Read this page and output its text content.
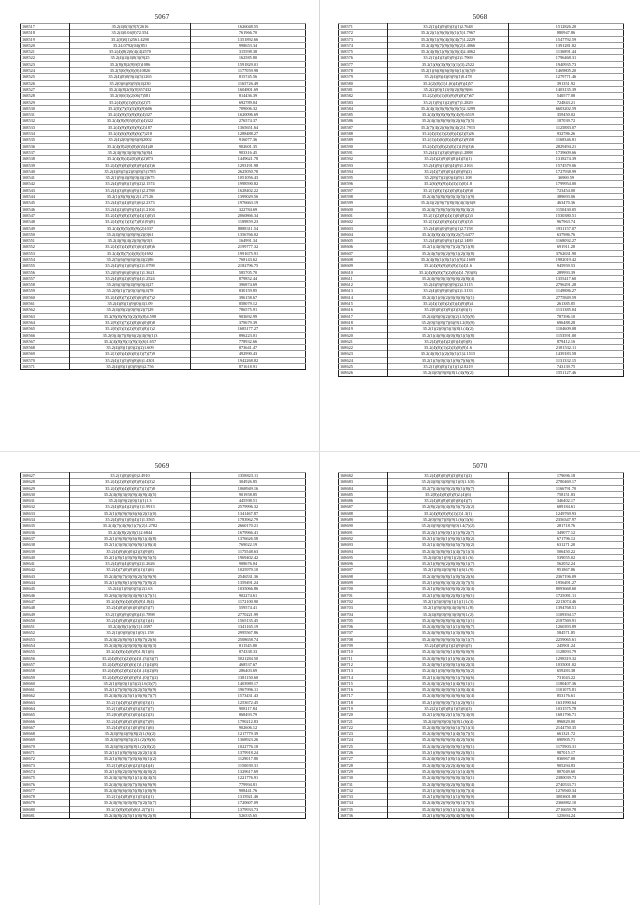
5067
168517	35.2(4)0(3)(9)7(2616	1626048.55
168518	35.2(4)0.04(0)72.554	761966.70
168519	35.2(0)8(1)2561.4290	1351892.66
168520	35.24.0792(04)(851	998653.34
168521	35.2(4)(8(2)0(4)(4)2570	315598.38
168522	35.2(4)(4)(4)0(3)(9)25	162585.80
168523	35.2(8)(8)2(9)9(5)1086	1591829.01
168524	35.2(5)0(9)(0)(0)10826	1177059.98
168525	35.2(4)(8)0(9)(4)(5)1265	815745.56
168526	35.2(0)(6)(8)(9)5(4)230	1165726.49
168527	35.2(4)(8)2(0)(0)357432	1604801.69
168528	35.2(0)0(3)(2)06(7)581	814436.39
168529	35.2(4)(0)(1)(0)(3)(2)71	692789.04
168530	35.2(0)(7)(5)(5)(8)(9)606	709006.32
168531	35.2(4)(9)(5)(9)(8)(4)327	1620096.69
168532	35.2(4)(8)(9)5(0)(5)(4)322	276574.37
168533	35.2(4)(9)(8)(0)(9)(2)187	1365651.64
168534	35.2(4)(6)(9)(8)(6)(7)218	1288488.27
168535	35.2(4)2(0)(9)(6)(8)2002	916077.36
168536	35.2(4)(8)2(0)(8)(6)5(4)40	902601.35
168537	35.2(4)(9)(3)(0)(9)(5)(8)4	903316.45
168538	35.2(4)(8)(4)2(0)(8)(2)873	1449621.78
168539	35.2(4)(9)(8)(0)(8)(9)(4)(3)6	1293191.98
168540	35.2(4)(8)(5)(2)(0)(8)(5)1785	2625050.78
168541	35.2(1)(9)(4)(8)(0)(4)(2)675	1051056.43
168542	35.2(4)(9)(8)(1)(9)(2)2.1574	1998590.82
168543	35.2(4)(3)(8)(6)(9)(1)2.2788	1628402.22
168544	35.2(1)(8)(9)(6)(2)1.27126	1399029.56
168545	35.2(4)(5)(4)(8)(5)(6)2.2373	1976663.19
168546	35.2(4)(2)(0)(9)(3)(4)1.2104	322784.69
168547	35.2(4)(9)(8)(3)(9)(4)(1)(0)3	2060866.34
168548	35.2(4)(9)(1)(3)(7)(8)1(9)(8)	1189859.23
168549	35.2(4)(8)(5)(8)(9)(2)1037	8888311.54
168550	35.2(4)(9)(3)(8)(9)(2)(0)61	1356766.02
168551	35.2(4)(9)(4)(2)(0)(9)(0)3	164991.34
168552	35.2(4)(5)(4)(8)(5)(6)(3)(8)6	2199777.32
168553	35.2(4)(8)(7)(4)(0)(3)1692	1991675.91
168554	35.2(5)(6)(9)(6)(0)(4)(2)86	768143.62
168555	35.2(4)(9)(1)(0)(9)(2)1.0798	2182796.75
168556	35.2(0)(9)(6)(0)(6)(1)1.3621	585705.70
168557	35.2(4)(8)(2)(0)(9)(4)1.2524	879852.44
168558	35.2(6)(3)(9)(4)(9)(0)(4)27	396874.69
168559	35.2(8)(1)(7)(0)(3)(9)(4)78	830159.85
168560	35.2(4)(8)(7)(2)(0)(6)(9)(7)2	396158.67
168561	35.2(4)(8)(1)(9)(0)(4)1.09	858079.12
168562	35.2(4)(8)(2)(0)(9)(2)(7)29	786575.91
168563	35.2(9)(0)(9)(5)(2)(0)(8)4.598	903692.99
168564	35.2(9)(5)(7)(2)(8)(6)(0)(8)8	379679.39
168565	35.2(0)(5)(3)(2)(9)(5)(8)(1)2	1685177.27
168566	35.2(0)(4)(7)(8)(6)(2)(4)(9)(1)3	896223.01
168567	35.2(4)(8)(9)(1)(9)(3)(6)1.657	778932.66
168568	35.2(4)(8)(1)(0)(2)(2)1.609	873641.47
168569	35.2(1)(0)(4)(6)(0)(1)(7)(7)9	492990.43
168570	35.2(4)(1)(5)(9)(8)(6)1.4301	1942268.82
168571	35.2(4)(8)(1)(0)(9)(6)2.756	871618.91
5068
168571	35.2(1)(4)(9)(0)(3)(1)2.7648	1512826.20
168572	35.2(2)(1)(9)(0)(0)(1)(5)1.7967	880947.86
168573	35.2(8)(1)(9)(4)(0)(4)(7)1.2229	1547792.59
168574	35.2(4)(9)(7)(9)(0)(9)(2)1.4066	1391281.82
168575	35.2(4)(8)(1)(9)(3)(0)(4)2.4062	1136891.44
168576	35.2(1)(4)(3)(0)(9)(2)1.7969	1796468.31
168577	35.2(1)(6)(3)(9)(1)(1)(3).2522	1940935.73
168578	35.2(1)(6)(8)(6)(0)(6)(1)(3)(5)9	1469805.20
168579	35.2(4)(8)(4)(0)(9)(1)0.478	1279771.46
168580	35.2(2)(0)(1)1.(6)(4)(9)(4)57	391351.92
168581	35.2(2)(0)(1)1(0)(2)(8)(9)66	1403135.39
168582	35.2(2)(0)(1)(0)(9)(9)(8)(7)67	540577.08
168583	35.2(1)(9)(1)(2)(9)(7)1.2829	724843.21
168584	35.2(4)(3)(0)(9)(9)(0)(5)2.3299	6603202.59
168585	35.2(4)(8)(0)(9)(9)(4)(9).6519	359450.02
168586	35.2(4)(3)(8)(9)(0)(2)(6)(7)(5)	187039.72
168587	35.2(7)(4)(2)(6)(0)(4)(2)1.7915	1125883.07
168588	35.2(4)(3)(1)(2)(0)(4)(2)(5)26	932786.26
168589	35.2(1)(4)(6)(0)(4)(8)(2)(9)58	1168346.81
168590	35.2(4)(5)(8)(2)(0)(1)1(9)(3)6	2829494.21
168591	35.2(4)(1)(3)(0)(9)(6)1.2888	1739609.66
168592	35.2(4)(2)(9)(0)(8)(4)(5)(1)	1318274.39
168593	35.2(4)(9)(1)(0)(4)(9)1.2163	1574579.06
168594	35.2(4)(7)(9)(0)(4)(8)(9)(2)	1727938.99
168595	35.2(8)(7)(2)(0)(4)(9)1.108	36969.59
168596	35.2(6)(9)(9)(4)(3)(1)(0)1.8	1799954.00
168597	35.2(1)(8)(1)(2)(0)(8)(4)(9)8	723454.00
168598	35.2(4)(5)(8)(8)(0)(3)(5)(1)(9)	389693.06
168599	35.2(4)(2)(9)(7)(8)(0)(4)(3)(6)8	463470.36
168600	35.2(4)(7)(8)(5)(0)(0)(8)(3)(2)	1150430.05
168601	35.2(1)(2)(8)(4)(1)(0)(8)(2)3	1530380.51
168602	35.2(1)(2)(0)(9)(4)(1)(9)(3)5	967963.74
168603	35.2(4)(6)(0)(9)(0)(1)2.7158	1931157.07
168604	35.2(4)(0)(4)(1)(0)(2)(7).6477	637986.76
168605	35.2(4)(8)(0)(9)(1)(4)2.1489	1168092.27
168606	35.2(1)(4)(0)(9)(7)(2)(7)(1)(8)	691911.28
168607	35.2(4)(5)(0)(2)(9)(1)(2)(3)(8)	3762631.90
168608	35.2(4)(8)(1)(0)(1)(1)(9)2.1609	1982019.42
168609	35.2(4)(9)(9)(0)(9)(1)(4)1.6	945959.53
168610	35.2(4)(8)(0)(7)(2)(0)(4)1.7(0)(8)	289993.39
168611	35.2(4)(9)(0)(3)(9)(0)(2)(8)(4)	1355417.60
168612	35.2(4)(9)(9)(0)(9)(2)2.3115	2796291.28
168613	35.2(4)(0)(9)(0)(0)(2)1.3133	1149886.27
168614	35.2(4)(1)(0)(2)(0)(0)(0)(5)(1)	2775849.59
168615	35.2(4)(1)(0)(2)(5)(4)(9)(8)4	261385.05
168616	35.2(0)(0)(3)(9)(2)(3)(6)(1)	1131385.04
168617	35.2(4)(8)(0)(2)(0)(2)1.5(5)(9)	787396.10
168618	35.2(0)(5)(8)(7)(6)(9)1.2(0)(9)	696488.28
168619	35.2(1)(2)(0)(5)(3)(8)1.(4)(2)	1104609.08
168620	35.2(1)(4)(9)(4)(0)(8)(1)(5)(8)	1153591.00
168621	35.2(4)(9)(4)(2)(0)(4)(0)(8)	879412.16
168622	35.2(4)(0)(1)(2)(3)(0)(9)1.6	2181532.11
168623	35.2(4)(0)(1)(2)(0)(1)(1)2.1515	1439183.58
168624	35.2(1)(5)(0)(3)(1)(9)(7)(6)(9)	1131332.15
168625	35.2(1)(8)(8)(1)(1)(1)2.8219	743139.75
168626	35.2(4)(0)(9)(8)(8)1.(4)(9)(2)	1551127.46
5069
168627	35.2(1)(8)(0)(0)2.4910	1358823.11
168628	35.2(4)(2)(8)(0)(8)(9)(4)(3)2	304926.85
168629	35.2(4)(9)(4)(0)(8)(7)(1)(7)8	1068949.16
168630	35.2(4)(8)(3)(0)(9)(4)(9)(4)(5)	901958.85
168631	35.2(4)(9)(2)(0)(1)(1)1.3	445598.51
168632	35.2(4)(8)(4)(2)(9)(1)1.9913	2579996.32
168633	35.2(1)(8)(9)(9)(6)(6)(2)(1)(0)	1341467.87
168634	35.2(4)(9)(1)(0)(4)(1)1.3565	1783962.79
168635	35.2(4)(7)(4)(9)(1)(7)(2)1.2782	2660170.21
168636	35.2(4)(8)(2)(0)(1)2.6844	1679966.41
168637	35.2(1)(9)(8)(9)(6)(8)(1)(4)(8)	1376626.58
168638	35.2(1)(3)(0)(3)(9)(9)(1)(8)(4)	769022.19
168639	35.2(4)(9)(6)(0)(2)(3)(9)(8)	1175548.63
168640	35.2(1)(8)(1)(0)(9)(8)(9)(5)(5)	1969402.42
168641	35.2(4)(9)(4)(0)(9)(2)1.2626	908676.04
168642	35.2(4)(7)(0)(9)(0)(1)(1)(6)	1025979.10
168643	35.2(4)(9)(7)(0)(9)(2)(5)(9)(9)	2546531.36
168644	35.2(1)(8)(8)(1)(0)(9)(7)(9)(2)	1359491.24
168645	35.2(4)(1)(9)(0)(5)(2)1.63	1035066.86
168646	35.2(6)(3)(0)(0)(4)(9)(1)(7)(1)	902274.61
168647	35.2(4)(9)(4)(0)(8)(9)1.8(4)	1172100.90
168648	35.2(4)(8)(0)(6)(0)(8)(5)(7)	559574.41
168649	35.2(1)(8)(9)(0)(8)(4)1.7898	2770221.99
168650	35.2(4)(9)(8)(8)(2)(3)(1)(4)	1565135.45
168651	35.2(4)(8)(1)(0)(1)1.0397	1341165.19
168652	35.2(1)(0)(8)(0)(1)(0)1.158	2995567.86
168653	35.2(4)(2)(8)(9)(1)(8)(7)(2)(6)	2508658.74
168654	35.2(4)(8)(2)(0)(0)(9)(4)(0)(3)	811545.80
168655	35.2(4)(8)(4)(0)(9)1.8(1)(6)	874338.33
168656	35.2(4)(8)(3)(2)(6)(4)1.(5)(3)(7)	5021284.50
168657	35.2(4)(9)(2)(0)(6)(1)1.(1)(4)(8)	468537.67
168658	35.2(4)(8)(2)(0)(2)(4)1.(4)(2)(8)	286403.69
168659	35.2(4)(9)(2)(0)(0)(9)1.(0)(7)(2)	1381150.60
168660	35.2(1)(8)(0)(1)(5)(2)1.6(3)(7)	1403989.17
168661	35.2(1)(7)(0)(9)(2)(2)(5)(9)(9)	1967996.11
168662	35.2(4)(8)(2)(5)(1)(0)(9)(7)(7)	1573431.43
168663	35.2(1)(4)(9)(2)(9)(0)(3)(1)	1253672.45
168664	35.2(1)(8)(2)(9)(5)(3)(7)(7)	908117.84
168665	35.2(6)(8)(9)(3)(0)(4)(2)(3)	868493.79
168666	35.2(4)(9)(8)(5)(9)(8)(7)(9)	1790212.83
168667	35.2(4)(9)(3)(1)(0)(9)(1)(6)	902606.12
168668	35.2(4)(9)(4)(9)(8)(2)1.(6)(2)	1217779.39
168669	35.2(4)(9)(8)(5)(2)1.(2)(9)(6)	1368923.26
168670	35.2(4)(9)(2)(8)(8)1.(2)(0)(2)	1022776.18
168671	35.2(1)(1)(8)(9)(6)(2)(2)(1)(4)	1379918.24
168672	35.2(1)(8)(9)(7)(0)(6)(0)(1)(2)	1129017.80
168673	35.2(1)(8)(2)(6)(2)(3)(4)(4)	1150039.31
168674	35.2(1)(8)(2)(0)(9)(9)(4)(0)(2)	1329617.69
168675	35.2(4)(3)(9)(8)(1)(1)(4)(4)(5)	1221776.91
168676	35.2(4)(9)(4)(0)(7)(0)(6)(9)(9)	779994.81
168677	35.2(4)(9)(6)(0)(5)(8)(1)(0)(9)	908441.76
168678	35.2(1)(4)(8)(9)(1)(5)(4)(1)	1315921.46
168679	35.2(4)(9)(3)(0)(8)(7)(2)(5)(7)	1720607.09
168680	35.2(1)(8)(0)(0)(6)1.2(7)(1)	1379933.73
168681	35.2(4)(8)(2)(5)(1)(0)(9)(2)(8)	526535.65
5070
168682	35.2(4)(8)(0)(9)(3)(8)(1)(2)	179696.18
168683	35.2(4)(8)(3)(8)(9)(1)(0)1.1(0)	2780469.17
168684	35.2(7)(4)(6)(9)(2)(8)(1)(8)(7)	1166791.70
168685	35.2(8)(4)(8)(0)(9)2.(4)(6)	758151.83
168686	35.2(4)(8)(8)(0)(0)(8)(4)(7)	346402.17
168687	35.2(8)(2)(0)(4)(8)(5)(7)(2)(2)	689184.61
168688	35.2(4)(8)(0)(9)(1)(1)1.3(1)	1249769.93
168689	35.2(0)(9)(7)(8)(9)1.(6)(1)(6)	2356347.97
168690	35.2(4)(9)(0)(8)(9)(0)1.4(7)(2)	281718.76
168691	35.2(2)(1)(9)(0)(1)(1)(9)(2)(7)	349077.12
168692	35.2(1)(3)(0)(1)(9)(0)(1)(8)(2)	671796.12
168693	35.2(1)(4)(9)(8)(6)(5)(7)(0)(2)	631271.20
168694	35.2(4)(3)(8)(9)(1)(4)(7)(1)(3)	506450.22
168695	35.2(4)(0)(1)(9)(1)(2)(4)1.(6)	539055.02
168696	35.2(1)(8)(9)(2)(8)(0)(9)(1)(7)	562052.24
168697	35.2(1)(8)(4)(0)(9)(1)(6)1.(9)	951867.86
168698	35.2(4)(9)(0)(8)(1)(0)(5)(2)(6)	2367196.09
168699	35.2(1)(6)(8)(3)(3)(2)(3)(7)(5)	1956491.27
168700	35.2(1)(8)(0)(6)(9)(0)(2)(3)(4)	8093668.60
168701	35.2(1)(9)(4)(8)(2)(8)(1)(9)(1)	1725091.11
168702	35.2(1)(5)(0)(9)(1)(1)(1)1.(3)	2213074.46
168703	35.2(1)(9)(0)(8)(4)(0)(9)1.(8)	1394768.51
168704	35.2(4)(8)(0)(9)(3)(0)(9)1.(2)	1109394.17
168705	35.2(4)(9)(0)(8)(9)(4)(9)(1)(1)	2187569.91
168706	35.2(4)(8)(0)(3)(1)(1)(0)(9)(7)	1260393.89
168707	35.2(4)(9)(8)(8)(1)(3)(0)(9)(5)	584571.85
168708	35.2(4)(9)(0)(9)(0)(5)(3)(1)(7)	2259065.61
168709	35.2(4)(0)(8)(1)(2)(9)(6)(5)	245901.24
168710	35.2(4)(3)(0)(9)(1)(8)(9)(0)(9)	1128093.79
168711	35.2(4)(9)(8)(1)(1)(9)(4)(2)(6)	1298319.32
168712	35.2(4)(9)(1)(0)(0)(1)(6)(2)(3)	1035001.02
168713	35.2(4)(1)(0)(9)(0)(8)(9)(5)(2)	659283.38
168714	35.2(1)(4)(0)(8)(9)(1)(7)(6)(6)	731043.22
168715	35.2(4)(3)(2)(6)(1)(4)(9)(1)(1)	1180407.36
168716	35.2(4)(8)(4)(0)(9)(1)(0)(4)(4)	1101075.81
168717	35.2(4)(8)(0)(9)(4)(9)(6)(3)(4)	853176.61
168718	35.2(1)(0)(9)(0)(7)(1)(2)(9)(1)	1631990.64
168719	35.2(2)(1)(0)(8)(1)(5)(6)(3)	1031575.78
168720	35.2(1)(0)(8)(2)(1)(5)(7)(4)(0)	1681796.71
168721	35.2(4)(9)(8)(0)(5)(8)1.(6)(4)	896829.00
168722	35.2(4)(8)(3)(0)(6)(1)(7)(1)(3)	2144750.35
168723	35.2(4)(0)(9)(9)(1)(4)(5)(7)(5)	661321.72
168724	35.2(4)(9)(8)(9)(0)(4)(2)(5)(6)	690905.71
168725	35.2(4)(0)(2)(0)(0)(9)(1)(9)(1)	1175903.31
168726	35.2(1)(8)(0)(9)(6)(9)(2)(8)(1)	987015.17
168727	35.2(4)(8)(0)(1)(8)(1)(2)(0)(3)	836967.00
168728	35.2(4)(8)(3)(2)(2)(4)(6)(3)(4)	905294.83
168729	35.2(4)(8)(6)(9)(2)(1)(1)(4)(9)	807049.60
168730	35.2(4)(8)(9)(0)(9)(0)(3)(5)(1)	2380039.73
168731	35.2(4)(9)(9)(0)(2)(9)(5)(8)(4)	2740533.71
168732	35.2(1)(3)(0)(8)(9)(1)(0)(7)(4)	1276940.34
168733	35.2(1)(8)(0)(9)(1)(1)(9)(9)(0)	3003601.88
168734	35.2(4)(8)(2)(9)(0)(9)(1)(7)(5)	2366982.10
168735	35.2(4)(8)(1)(0)(1)(1)(4)(3)(4)	2716659.78
168736	35.2(1)(8)(9)(2)(8)(4)(5)(9)(6)	125694.24
